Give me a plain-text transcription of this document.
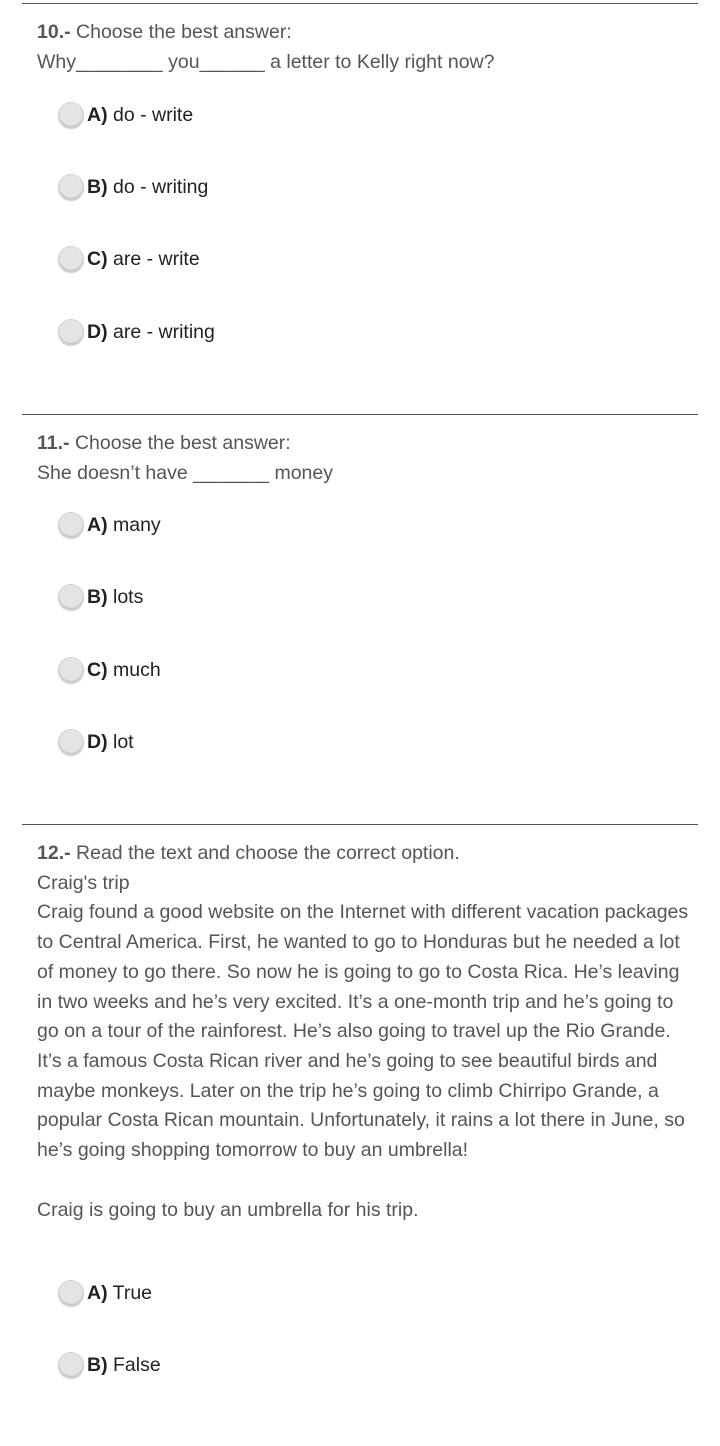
10.- Choose the best answer:
Why________ you______ a letter to Kelly right now?
A) do - write
B) do - writing
C) are - write
D) are - writing
11.- Choose the best answer:
She doesn’t have _______ money
A) many
B) lots
C) much
D) lot
12.- Read the text and choose the correct option.
Craig's trip

Craig found a good website on the Internet with different vacation packages to Central America. First, he wanted to go to Honduras but he needed a lot of money to go there. So now he is going to go to Costa Rica. He’s leaving in two weeks and he’s very excited. It’s a one-month trip and he’s going to go on a tour of the rainforest. He’s also going to travel up the Rio Grande. It’s a famous Costa Rican river and he’s going to see beautiful birds and maybe monkeys. Later on the trip he’s going to climb Chirripo Grande, a popular Costa Rican mountain. Unfortunately, it rains a lot there in June, so he’s going shopping tomorrow to buy an umbrella!

Craig is going to buy an umbrella for his trip.
A) True
B) False
